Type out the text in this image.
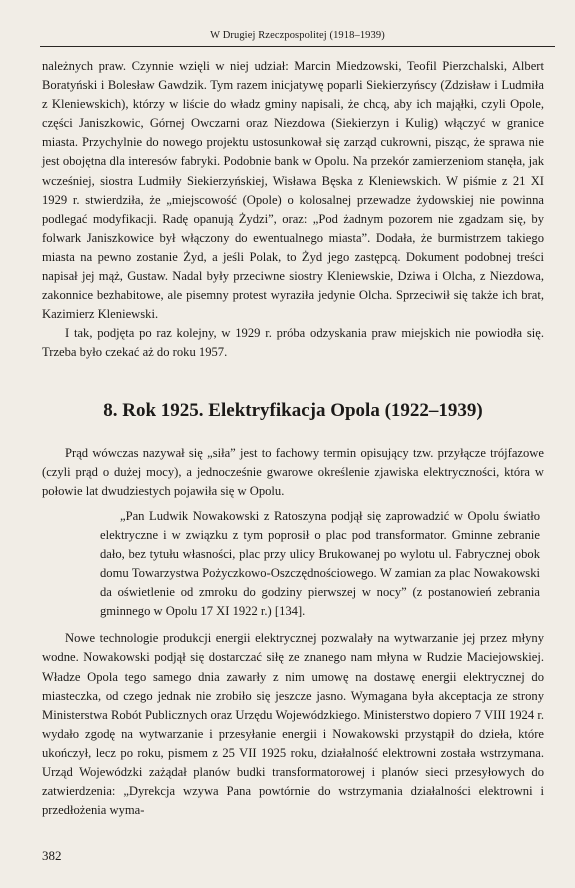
W Drugiej Rzeczpospolitej (1918–1939)

należnych praw. Czynnie wzięli w niej udział: Marcin Miedzowski, Teofil Pierzchalski, Albert Boratyński i Bolesław Gawdzik. Tym razem inicjatywę poparli Siekierzyńscy (Zdzisław i Ludmiła z Kleniewskich), którzy w liście do władz gminy napisali, że chcą, aby ich mająłki, czyli Opole, części Janiszkowic, Górnej Owczarni oraz Niezdowa (Siekierzyn i Kulig) włączyć w granice miasta. Przychylnie do nowego projektu ustosunkował się zarząd cukrowni, pisząc, że sprawa nie jest obojętna dla interesów fabryki. Podobnie bank w Opolu. Na przekór zamierzeniom stanęła, jak wcześniej, siostra Ludmiły Siekierzyńskiej, Wisława Bęska z Kleniewskich. W piśmie z 21 XI 1929 r. stwierdziła, że „miejscowość (Opole) o kolosalnej przewadze żydowskiej nie powinna podlegać modyfikacji. Radę opanują Żydzi”, oraz: „Pod żadnym pozorem nie zgadzam się, by folwark Janiszkowice był włączony do ewentualnego miasta”. Dodała, że burmistrzem takiego miasta na pewno zostanie Żyd, a jeśli Polak, to Żyd jego zastępcą. Dokument podobnej treści napisał jej mąż, Gustaw. Nadal były przeciwne siostry Kleniewskie, Dziwa i Olcha, z Niezdowa, zakonnice bezhabitowe, ale pisemny protest wyraziła jedynie Olcha. Sprzeciwił się także ich brat, Kazimierz Kleniewski.

I tak, podjęta po raz kolejny, w 1929 r. próba odzyskania praw miejskich nie powiodła się. Trzeba było czekać aż do roku 1957.

8. Rok 1925. Elektryfikacja Opola (1922–1939)

Prąd wówczas nazywał się „siła” jest to fachowy termin opisujący tzw. przyłącze trójfazowe (czyli prąd o dużej mocy), a jednocześnie gwarowe określenie zjawiska elektryczności, która w połowie lat dwudziestych pojawiła się w Opolu.

„Pan Ludwik Nowakowski z Ratoszyna podjął się zaprowadzić w Opolu światło elektryczne i w związku z tym poprosił o plac pod transformator. Gminne zebranie dało, bez tytułu własności, plac przy ulicy Brukowanej po wylotu ul. Fabrycznej obok domu Towarzystwa Pożyczkowo-Oszczędnościowego. W zamian za plac Nowakowski da oświetlenie od zmroku do godziny pierwszej w nocy” (z postanowień zebrania gminnego w Opolu 17 XI 1922 r.) [134].

Nowe technologie produkcji energii elektrycznej pozwalały na wytwarzanie jej przez młyny wodne. Nowakowski podjął się dostarczać siłę ze znanego nam młyna w Rudzie Maciejowskiej. Władze Opola tego samego dnia zawarły z nim umowę na dostawę energii elektrycznej do miasteczka, od czego jednak nie zrobiło się jeszcze jasno. Wymagana była akceptacja ze strony Ministerstwa Robót Publicznych oraz Urzędu Wojewódzkiego. Ministerstwo dopiero 7 VIII 1924 r. wydało zgodę na wytwarzanie i przesyłanie energii i Nowakowski przystąpił do dzieła, które ukończył, lecz po roku, pismem z 25 VII 1925 roku, działalność elektrowni została wstrzymana. Urząd Wojewódzki zażądał planów budki transformatorowej i planów sieci przesyłowych do zatwierdzenia: „Dyrekcja wzywa Pana powtórnie do wstrzymania działalności elektrowni i przedłożenia wyma-

382
